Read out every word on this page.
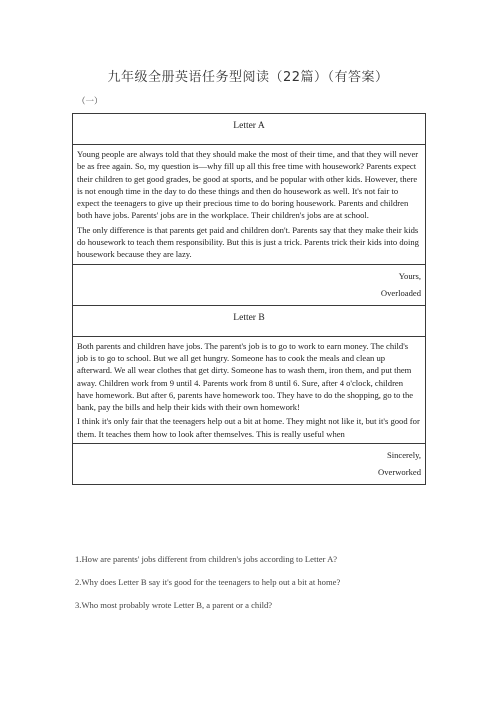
九年级全册英语任务型阅读（22篇）（有答案）
（一）
Letter A

Young people are always told that they should make the most of their time, and that they will never be as free again. So, my question is—why fill up all this free time with housework? Parents expect their children to get good grades, be good at sports, and be popular with other kids. However, there is not enough time in the day to do these things and then do housework as well. It's not fair to expect the teenagers to give up their precious time to do boring housework. Parents and children both have jobs. Parents' jobs are in the workplace. Their children's jobs are at school.

The only difference is that parents get paid and children don't. Parents say that they make their kids do housework to teach them responsibility. But this is just a trick. Parents trick their kids into doing housework because they are lazy.

Yours,
Overloaded

Letter B

Both parents and children have jobs. The parent's job is to go to work to earn money. The child's job is to go to school. But we all get hungry. Someone has to cook the meals and clean up afterward. We all wear clothes that get dirty. Someone has to wash them, iron them, and put them away. Children work from 9 until 4. Parents work from 8 until 6. Sure, after 4 o'clock, children have homework. But after 6, parents have homework too. They have to do the shopping, go to the bank, pay the bills and help their kids with their own homework!

I think it's only fair that the teenagers help out a bit at home. They might not like it, but it's good for them. It teaches them how to look after themselves. This is really useful when

Sincerely,
Overworked
1.How are parents' jobs different from children's jobs according to Letter A?
2.Why does Letter B say it's good for the teenagers to help out a bit at home?
3.Who most probably wrote Letter B, a parent or a child?
